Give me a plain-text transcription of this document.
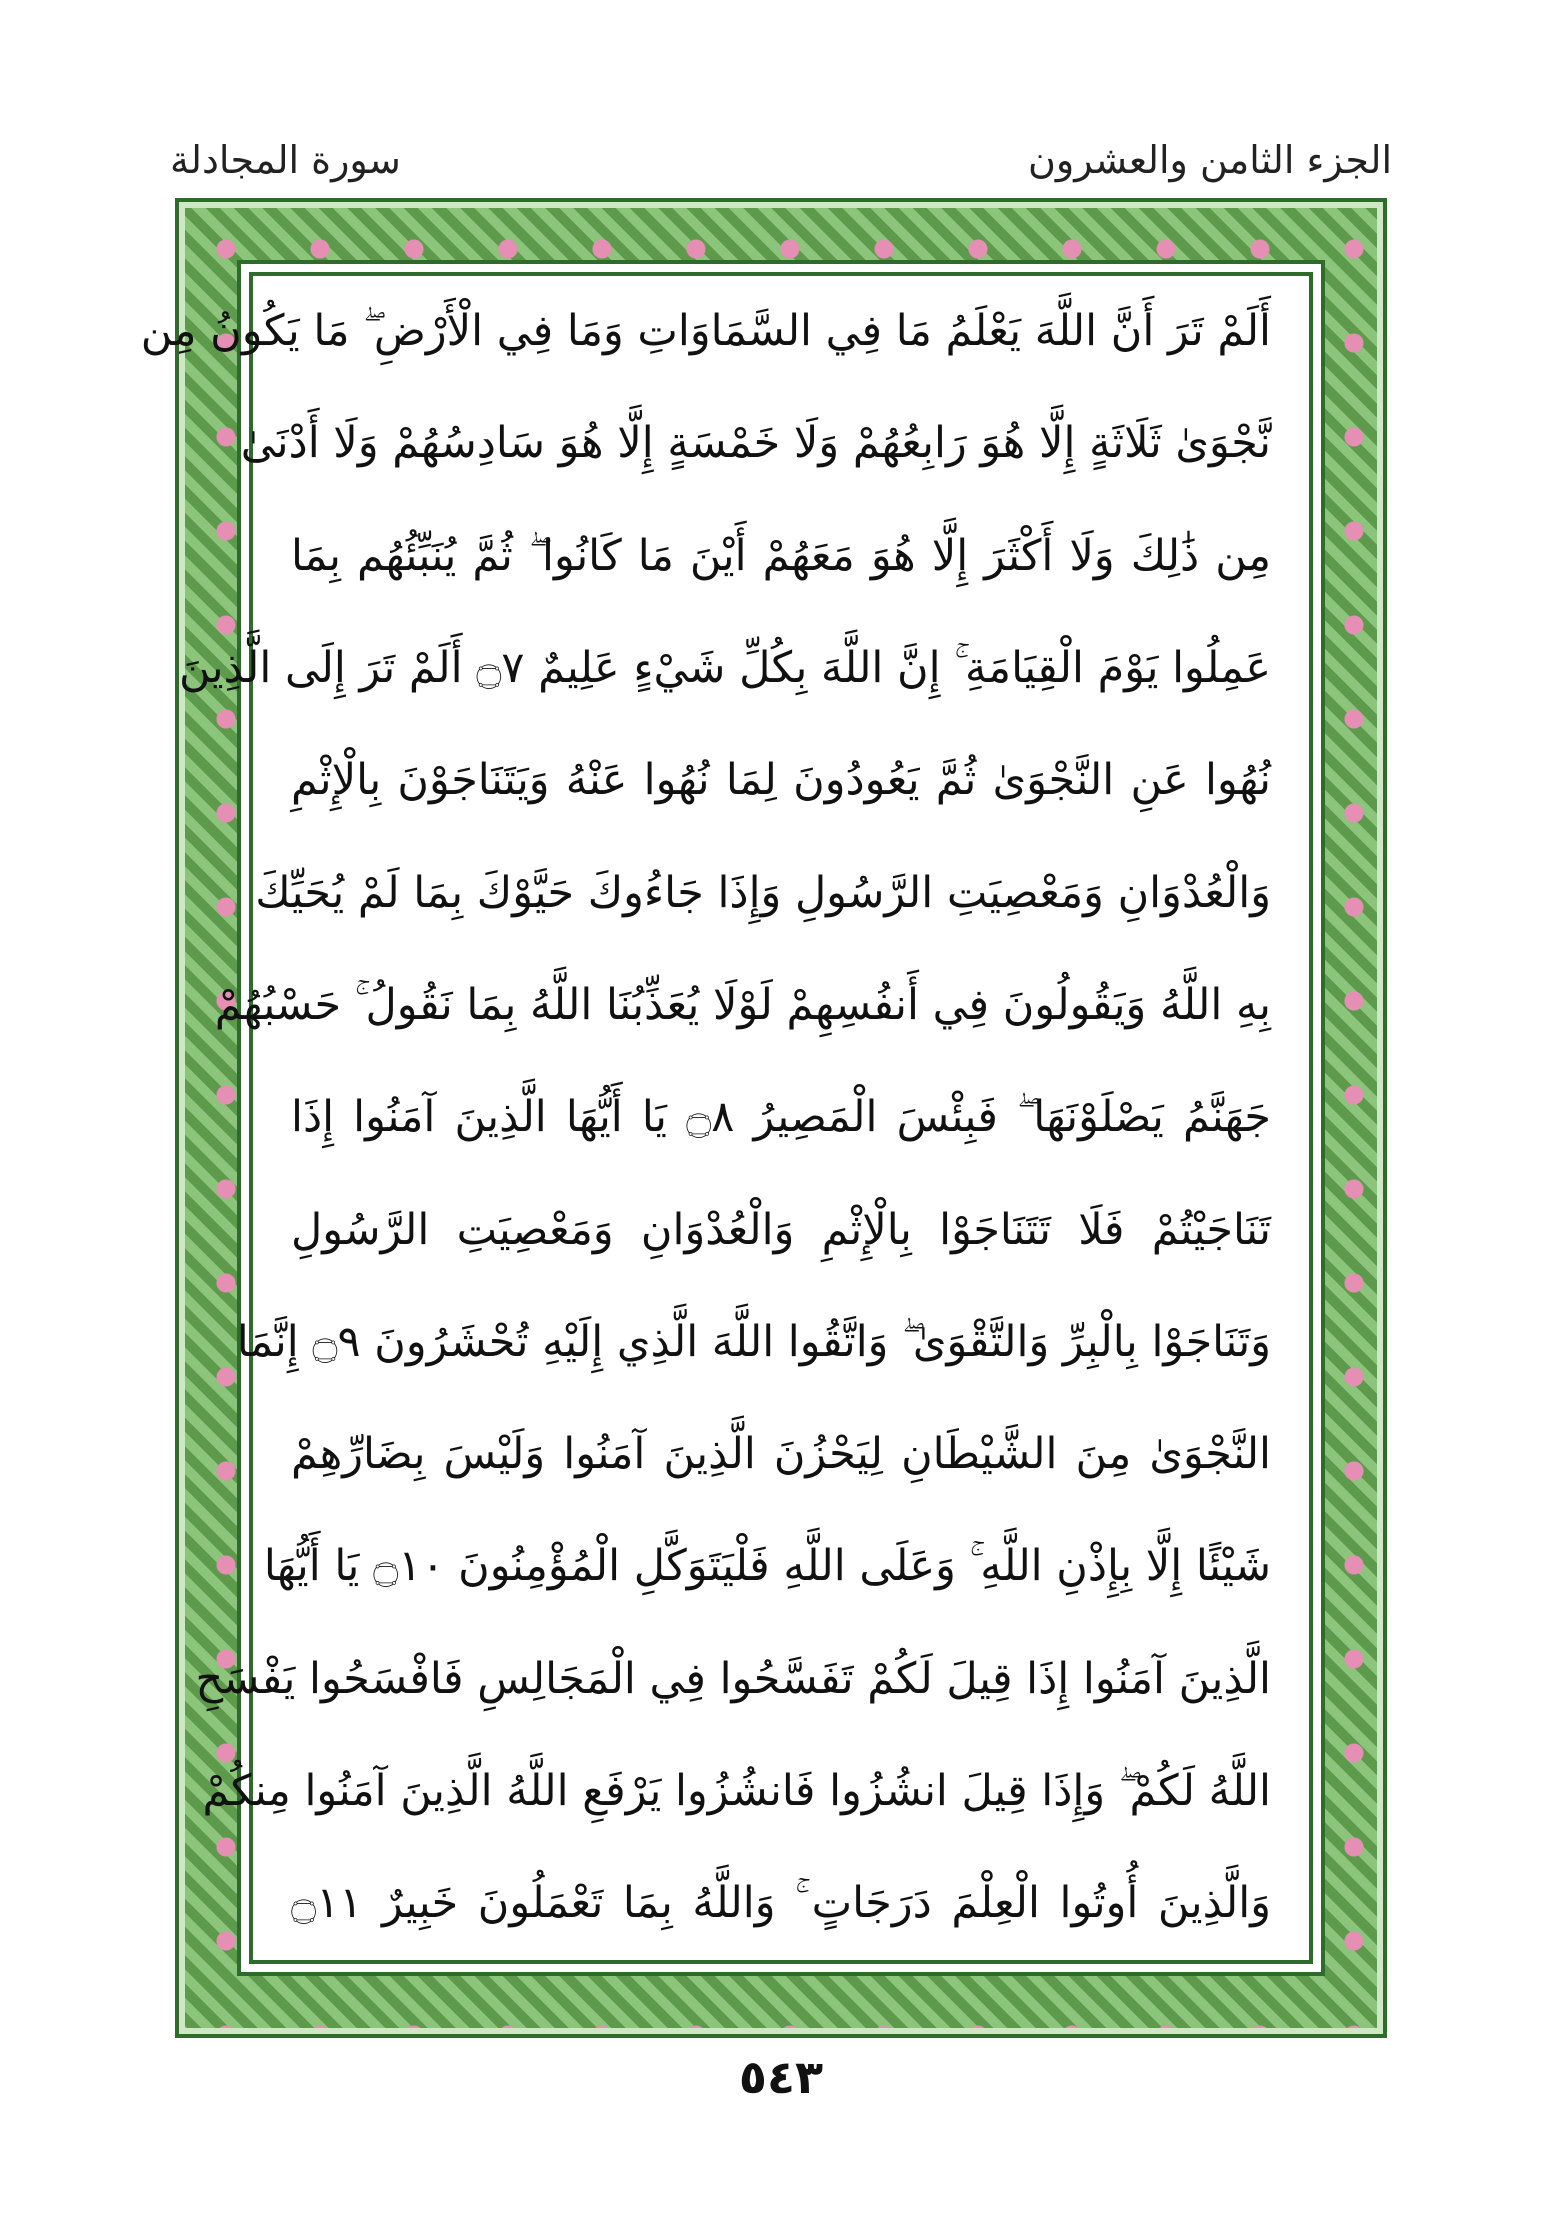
الجزء الثامن والعشرون
سورة المجادلة
أَلَمْ تَرَ أَنَّ اللَّهَ يَعْلَمُ مَا فِي السَّمَاوَاتِ وَمَا فِي الْأَرْضِ ۖ مَا يَكُونُ مِن
نَّجْوَىٰ ثَلَاثَةٍ إِلَّا هُوَ رَابِعُهُمْ وَلَا خَمْسَةٍ إِلَّا هُوَ سَادِسُهُمْ وَلَا أَدْنَىٰ
مِن ذَٰلِكَ وَلَا أَكْثَرَ إِلَّا هُوَ مَعَهُمْ أَيْنَ مَا كَانُوا ۖ ثُمَّ يُنَبِّئُهُم بِمَا
عَمِلُوا يَوْمَ الْقِيَامَةِ ۚ إِنَّ اللَّهَ بِكُلِّ شَيْءٍ عَلِيمٌ ۝٧ أَلَمْ تَرَ إِلَى الَّذِينَ
نُهُوا عَنِ النَّجْوَىٰ ثُمَّ يَعُودُونَ لِمَا نُهُوا عَنْهُ وَيَتَنَاجَوْنَ بِالْإِثْمِ
وَالْعُدْوَانِ وَمَعْصِيَتِ الرَّسُولِ وَإِذَا جَاءُوكَ حَيَّوْكَ بِمَا لَمْ يُحَيِّكَ
بِهِ اللَّهُ وَيَقُولُونَ فِي أَنفُسِهِمْ لَوْلَا يُعَذِّبُنَا اللَّهُ بِمَا نَقُولُ ۚ حَسْبُهُمْ
جَهَنَّمُ يَصْلَوْنَهَا ۖ فَبِئْسَ الْمَصِيرُ ۝٨ يَا أَيُّهَا الَّذِينَ آمَنُوا إِذَا
تَنَاجَيْتُمْ فَلَا تَتَنَاجَوْا بِالْإِثْمِ وَالْعُدْوَانِ وَمَعْصِيَتِ الرَّسُولِ
وَتَنَاجَوْا بِالْبِرِّ وَالتَّقْوَىٰ ۖ وَاتَّقُوا اللَّهَ الَّذِي إِلَيْهِ تُحْشَرُونَ ۝٩ إِنَّمَا
النَّجْوَىٰ مِنَ الشَّيْطَانِ لِيَحْزُنَ الَّذِينَ آمَنُوا وَلَيْسَ بِضَارِّهِمْ
شَيْئًا إِلَّا بِإِذْنِ اللَّهِ ۚ وَعَلَى اللَّهِ فَلْيَتَوَكَّلِ الْمُؤْمِنُونَ ۝١٠ يَا أَيُّهَا
الَّذِينَ آمَنُوا إِذَا قِيلَ لَكُمْ تَفَسَّحُوا فِي الْمَجَالِسِ فَافْسَحُوا يَفْسَحِ
اللَّهُ لَكُمْ ۖ وَإِذَا قِيلَ انشُزُوا فَانشُزُوا يَرْفَعِ اللَّهُ الَّذِينَ آمَنُوا مِنكُمْ
وَالَّذِينَ أُوتُوا الْعِلْمَ دَرَجَاتٍ ۚ وَاللَّهُ بِمَا تَعْمَلُونَ خَبِيرٌ ۝١١
٥٤٣
